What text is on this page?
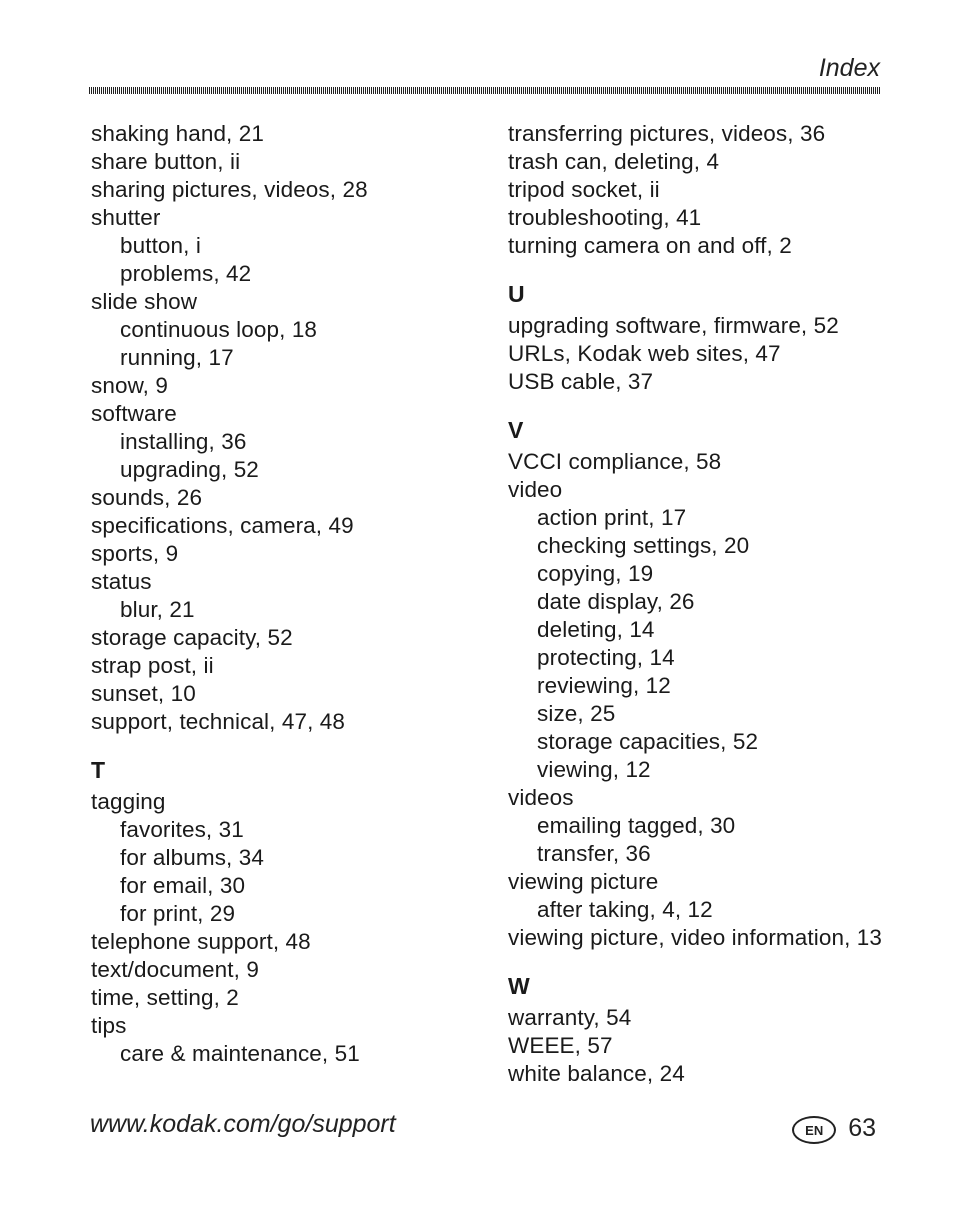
Index
shaking hand, 21
share button, ii
sharing pictures, videos, 28
shutter
button, i
problems, 42
slide show
continuous loop, 18
running, 17
snow, 9
software
installing, 36
upgrading, 52
sounds, 26
specifications, camera, 49
sports, 9
status
blur, 21
storage capacity, 52
strap post, ii
sunset, 10
support, technical, 47, 48
T
tagging
favorites, 31
for albums, 34
for email, 30
for print, 29
telephone support, 48
text/document, 9
time, setting, 2
tips
care & maintenance, 51
transferring pictures, videos, 36
trash can, deleting, 4
tripod socket, ii
troubleshooting, 41
turning camera on and off, 2
U
upgrading software, firmware, 52
URLs, Kodak web sites, 47
USB cable, 37
V
VCCI compliance, 58
video
action print, 17
checking settings, 20
copying, 19
date display, 26
deleting, 14
protecting, 14
reviewing, 12
size, 25
storage capacities, 52
viewing, 12
videos
emailing tagged, 30
transfer, 36
viewing picture
after taking, 4, 12
viewing picture, video information, 13
W
warranty, 54
WEEE, 57
white balance, 24
www.kodak.com/go/support	EN 63
